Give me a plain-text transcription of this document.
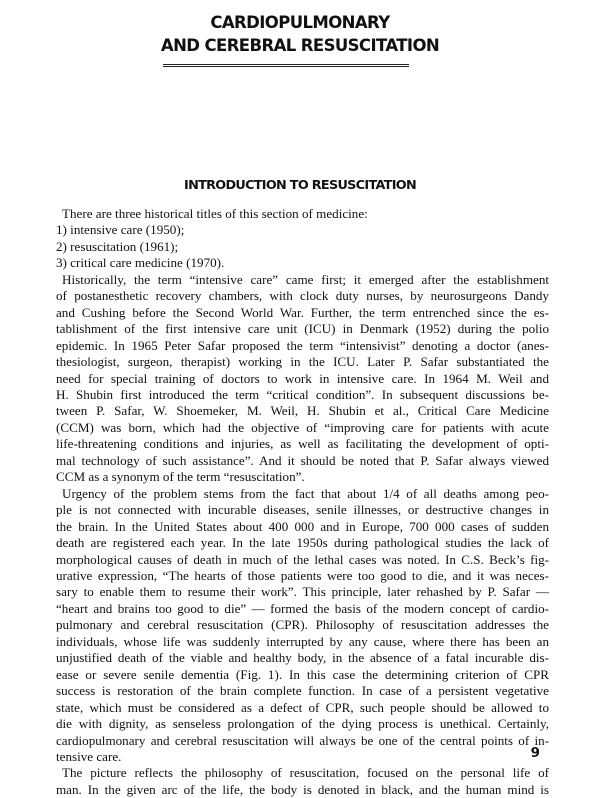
CARDIOPULMONARY
AND CEREBRAL RESUSCITATION
INTRODUCTION TO RESUSCITATION
There are three historical titles of this section of medicine:
1) intensive care (1950);
2) resuscitation (1961);
3) critical care medicine (1970).
Historically, the term “intensive care” came first; it emerged after the establishment
of postanesthetic recovery chambers, with clock duty nurses, by neurosurgeons Dandy
and Cushing before the Second World War. Further, the term entrenched since the es-
tablishment of the first intensive care unit (ICU) in Denmark (1952) during the polio
epidemic. In 1965 Peter Safar proposed the term “intensivist” denoting a doctor (anes-
thesiologist, surgeon, therapist) working in the ICU. Later P. Safar substantiated the
need for special training of doctors to work in intensive care. In 1964 M. Weil and
H. Shubin first introduced the term “critical condition”. In subsequent discussions be-
tween P. Safar, W. Shoemeker, M. Weil, H. Shubin et al., Critical Care Medicine
(CCM) was born, which had the objective of “improving care for patients with acute
life-threatening conditions and injuries, as well as facilitating the development of opti-
mal technology of such assistance”. And it should be noted that P. Safar always viewed
CCM as a synonym of the term “resuscitation”.
Urgency of the problem stems from the fact that about 1/4 of all deaths among peo-
ple is not connected with incurable diseases, senile illnesses, or destructive changes in
the brain. In the United States about 400 000 and in Europe, 700 000 cases of sudden
death are registered each year. In the late 1950s during pathological studies the lack of
morphological causes of death in much of the lethal cases was noted. In C.S. Beck’s fig-
urative expression, “The hearts of those patients were too good to die, and it was neces-
sary to enable them to resume their work”. This principle, later rehashed by P. Safar —
“heart and brains too good to die” — formed the basis of the modern concept of cardio-
pulmonary and cerebral resuscitation (CPR). Philosophy of resuscitation addresses the
individuals, whose life was suddenly interrupted by any cause, where there has been an
unjustified death of the viable and healthy body, in the absence of a fatal incurable dis-
ease or severe senile dementia (Fig. 1). In this case the determining criterion of CPR
success is restoration of the brain complete function. In case of a persistent vegetative
state, which must be considered as a defect of CPR, such people should be allowed to
die with dignity, as senseless prolongation of the dying process is unethical. Certainly,
cardiopulmonary and cerebral resuscitation will always be one of the central points of in-
tensive care.
The picture reflects the philosophy of resuscitation, focused on the personal life of
man. In the given arc of the life, the body is denoted in black, and the human mind is
9
